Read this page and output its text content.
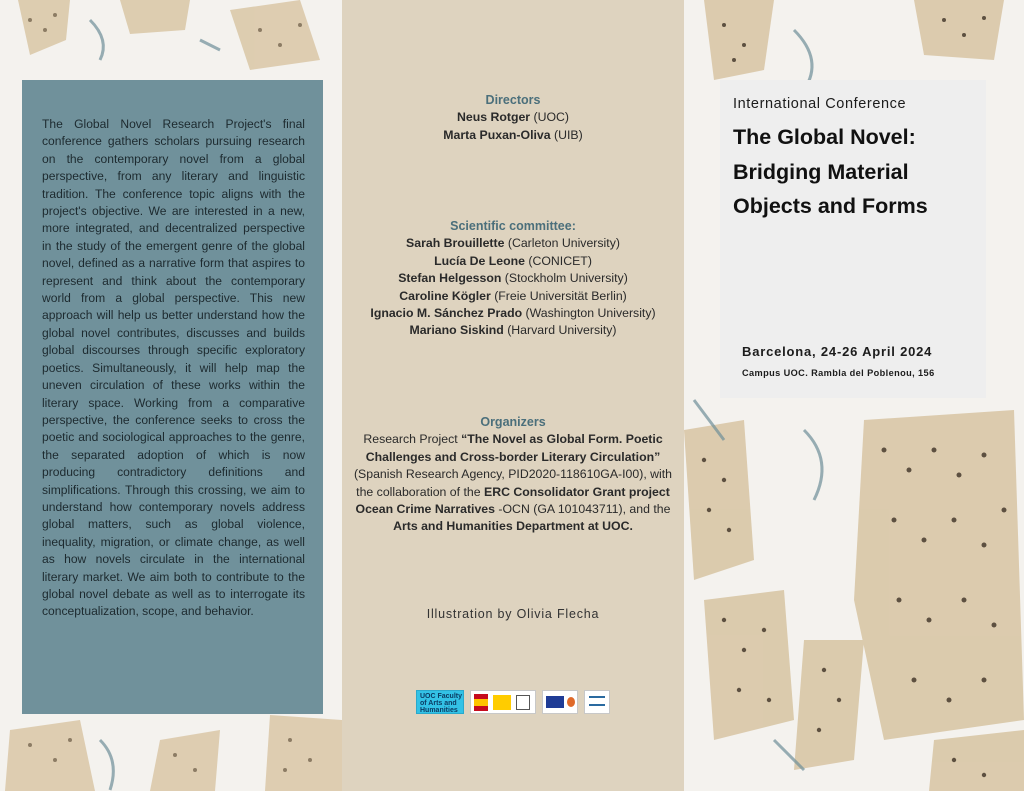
Directors
Neus Rotger (UOC)
Marta Puxan-Oliva (UIB)
Scientific committee:
Sarah Brouillette (Carleton University)
Lucía De Leone (CONICET)
Stefan Helgesson (Stockholm University)
Caroline Kögler (Freie Universität Berlin)
Ignacio M. Sánchez Prado (Washington University)
Mariano Siskind (Harvard University)
Organizers
Research Project “The Novel as Global Form. Poetic Challenges and Cross-border Literary Circulation” (Spanish Research Agency, PID2020-118610GA-I00), with the collaboration of the ERC Consolidator Grant project Ocean Crime Narratives -OCN (GA 101043711), and the Arts and Humanities Department at UOC.
Illustration by Olivia Flecha
UOC Faculty of Arts and Humanities
The Global Novel Research Project's final conference gathers scholars pursuing research on the contemporary novel from a global perspective, from any literary and linguistic tradition. The conference topic aligns with the project's objective. We are interested in a new, more integrated, and decentralized perspective in the study of the emergent genre of the global novel, defined as a narrative form that aspires to represent and think about the contemporary world from a global perspective. This new approach will help us better understand how the global novel contributes, discusses and builds global discourses through specific exploratory poetics. Simultaneously, it will help map the uneven circulation of these works within the literary space. Working from a comparative perspective, the conference seeks to cross the poetic and sociological approaches to the genre, the separated adoption of which is now producing contradictory definitions and simplifications. Through this crossing, we aim to understand how contemporary novels address global matters, such as global violence, inequality, migration, or climate change, as well as how novels circulate in the international literary market. We aim both to contribute to the global novel debate as well as to interrogate its conceptualization, scope, and behavior.
International Conference
The Global Novel: Bridging Material Objects and Forms
Barcelona, 24-26 April 2024
Campus UOC. Rambla del Poblenou, 156
